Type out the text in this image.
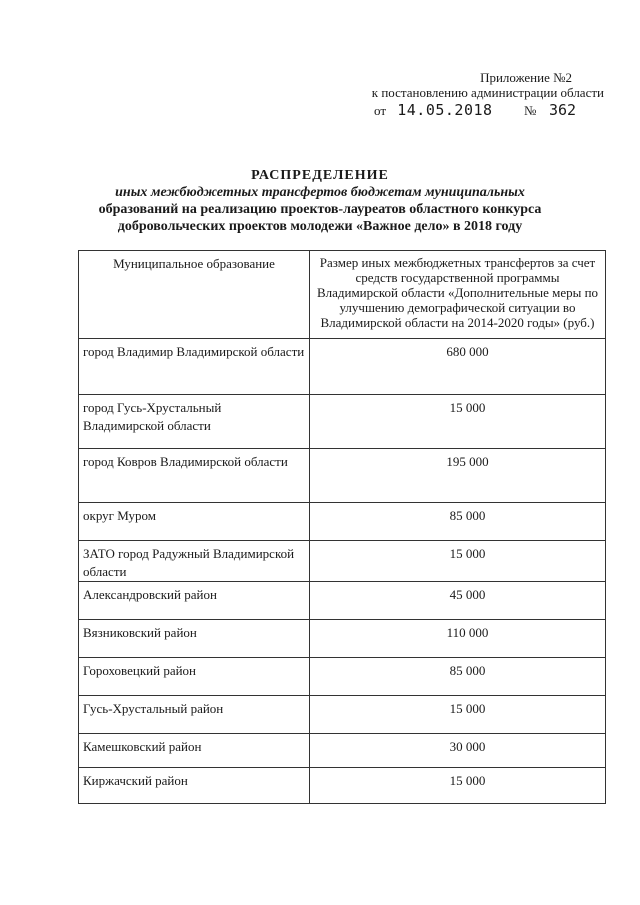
Приложение №2
к постановлению администрации области
от 14.05.2018 № 362
РАСПРЕДЕЛЕНИЕ
иных межбюджетных трансфертов бюджетам муниципальных
образований на реализацию проектов-лауреатов областного конкурса
добровольческих проектов молодежи «Важное дело» в 2018 году
Муниципальное образование	Размер иных межбюджетных трансфертов за счет средств государственной программы Владимирской области «Дополнительные меры по улучшению демографической ситуации во Владимирской области на 2014-2020 годы» (руб.)
город Владимир Владимирской области	680 000
город Гусь-Хрустальный Владимирской области	15 000
город Ковров Владимирской области	195 000
округ Муром	85 000
ЗАТО город Радужный Владимирской области	15 000
Александровский район	45 000
Вязниковский район	110 000
Гороховецкий район	85 000
Гусь-Хрустальный район	15 000
Камешковский район	30 000
Киржачский район	15 000
